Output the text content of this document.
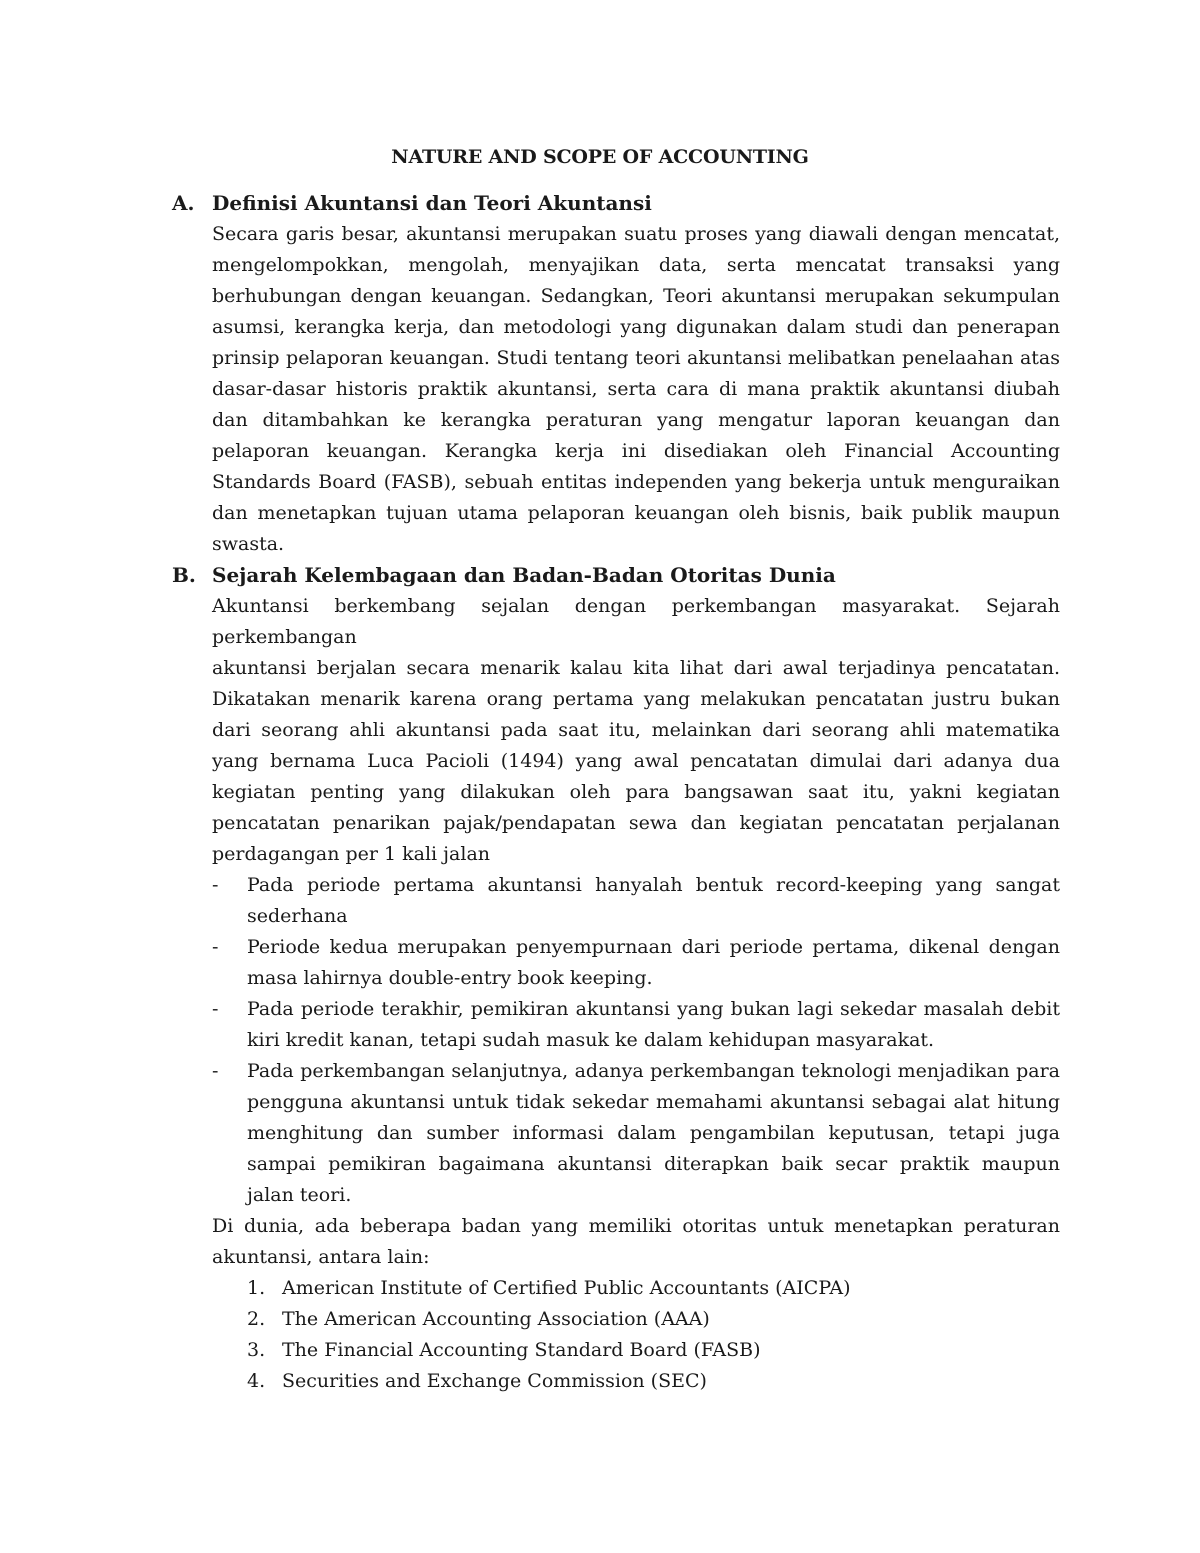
NATURE AND SCOPE OF ACCOUNTING
A. Definisi Akuntansi dan Teori Akuntansi

Secara garis besar, akuntansi merupakan suatu proses yang diawali dengan mencatat, mengelompokkan, mengolah, menyajikan data, serta mencatat transaksi yang berhubungan dengan keuangan. Sedangkan, Teori akuntansi merupakan sekumpulan asumsi, kerangka kerja, dan metodologi yang digunakan dalam studi dan penerapan prinsip pelaporan keuangan. Studi tentang teori akuntansi melibatkan penelaahan atas dasar-dasar historis praktik akuntansi, serta cara di mana praktik akuntansi diubah dan ditambahkan ke kerangka peraturan yang mengatur laporan keuangan dan pelaporan keuangan. Kerangka kerja ini disediakan oleh Financial Accounting Standards Board (FASB), sebuah entitas independen yang bekerja untuk menguraikan dan menetapkan tujuan utama pelaporan keuangan oleh bisnis, baik publik maupun swasta.

B. Sejarah Kelembagaan dan Badan-Badan Otoritas Dunia

Akuntansi berkembang sejalan dengan perkembangan masyarakat. Sejarah perkembangan

akuntansi berjalan secara menarik kalau kita lihat dari awal terjadinya pencatatan. Dikatakan menarik karena orang pertama yang melakukan pencatatan justru bukan dari seorang ahli akuntansi pada saat itu, melainkan dari seorang ahli matematika yang bernama Luca Pacioli (1494) yang awal pencatatan dimulai dari adanya dua kegiatan penting yang dilakukan oleh para bangsawan saat itu, yakni kegiatan pencatatan penarikan pajak/pendapatan sewa dan kegiatan pencatatan perjalanan perdagangan per 1 kali jalan

- Pada periode pertama akuntansi hanyalah bentuk record-keeping yang sangat sederhana
- Periode kedua merupakan penyempurnaan dari periode pertama, dikenal dengan masa lahirnya double-entry book keeping.
- Pada periode terakhir, pemikiran akuntansi yang bukan lagi sekedar masalah debit kiri kredit kanan, tetapi sudah masuk ke dalam kehidupan masyarakat.
- Pada perkembangan selanjutnya, adanya perkembangan teknologi menjadikan para pengguna akuntansi untuk tidak sekedar memahami akuntansi sebagai alat hitung menghitung dan sumber informasi dalam pengambilan keputusan, tetapi juga sampai pemikiran bagaimana akuntansi diterapkan baik secar praktik maupun jalan teori.

Di dunia, ada beberapa badan yang memiliki otoritas untuk menetapkan peraturan akuntansi, antara lain:

1. American Institute of Certified Public Accountants (AICPA)
2. The American Accounting Association (AAA)
3. The Financial Accounting Standard Board (FASB)
4. Securities and Exchange Commission (SEC)
